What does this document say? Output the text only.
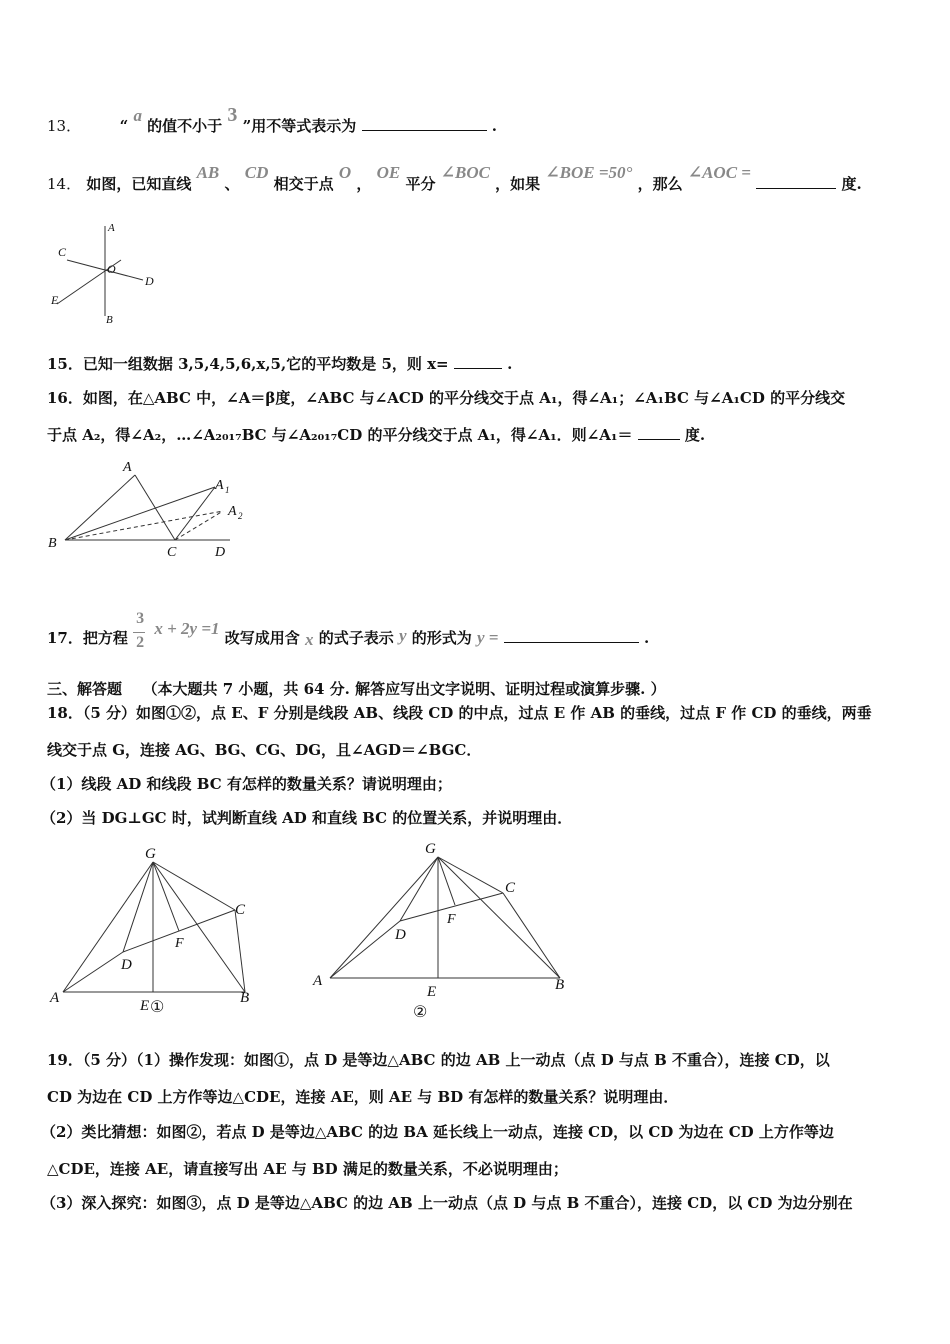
13．	“ a 的值不小于 3 ”用不等式表示为	.
14． 如图，已知直线 AB 、 CD 相交于点 O ， OE 平分 ∠BOC ，如果 ∠BOE =50° ，那么 ∠AOC =  度.
A
C
O
D
E
B
15．已知一组数据 3,5,4,5,6,x,5,它的平均数是 5，则 x=	.
16．如图，在△ABC 中，∠A＝β度，∠ABC 与∠ACD 的平分线交于点 A₁，得∠A₁；∠A₁BC 与∠A₁CD 的平分线交
于点 A₂，得∠A₂，…∠A₂₀₁₇BC 与∠A₂₀₁₇CD 的平分线交于点 A₁，得∠A₁．则∠A₁＝	度.
A
A 1
A 2
B
C	D
17．把方程 $\frac{3}{2}$ x + 2y =1 改写成用含 x 的式子表示 y 的形式为 y =	.
三、解答题 （本大题共 7 小题，共 64 分. 解答应写出文字说明、证明过程或演算步骤. ）
18．（5 分）如图①②，点 E、F 分别是线段 AB、线段 CD 的中点，过点 E 作 AB 的垂线，过点 F 作 CD 的垂线，两垂
线交于点 G，连接 AG、BG、CG、DG，且∠AGD＝∠BGC．
（1）线段 AD 和线段 BC 有怎样的数量关系？请说明理由；
（2）当 DG⊥GC 时，试判断直线 AD 和直线 BC 的位置关系，并说明理由．
G
C
D
F
A	E ①
B
G
C
D
F
A
E
②
B
19．（5 分）（1）操作发现：如图①，点 D 是等边△ABC 的边 AB 上一动点（点 D 与点 B 不重合），连接 CD，以
CD 为边在 CD 上方作等边△CDE，连接 AE，则 AE 与 BD 有怎样的数量关系？说明理由．
（2）类比猜想：如图②，若点 D 是等边△ABC 的边 BA 延长线上一动点，连接 CD，以 CD 为边在 CD 上方作等边
△CDE，连接 AE，请直接写出 AE 与 BD 满足的数量关系，不必说明理由；
（3）深入探究：如图③，点 D 是等边△ABC 的边 AB 上一动点（点 D 与点 B 不重合），连接 CD，以 CD 为边分别在
